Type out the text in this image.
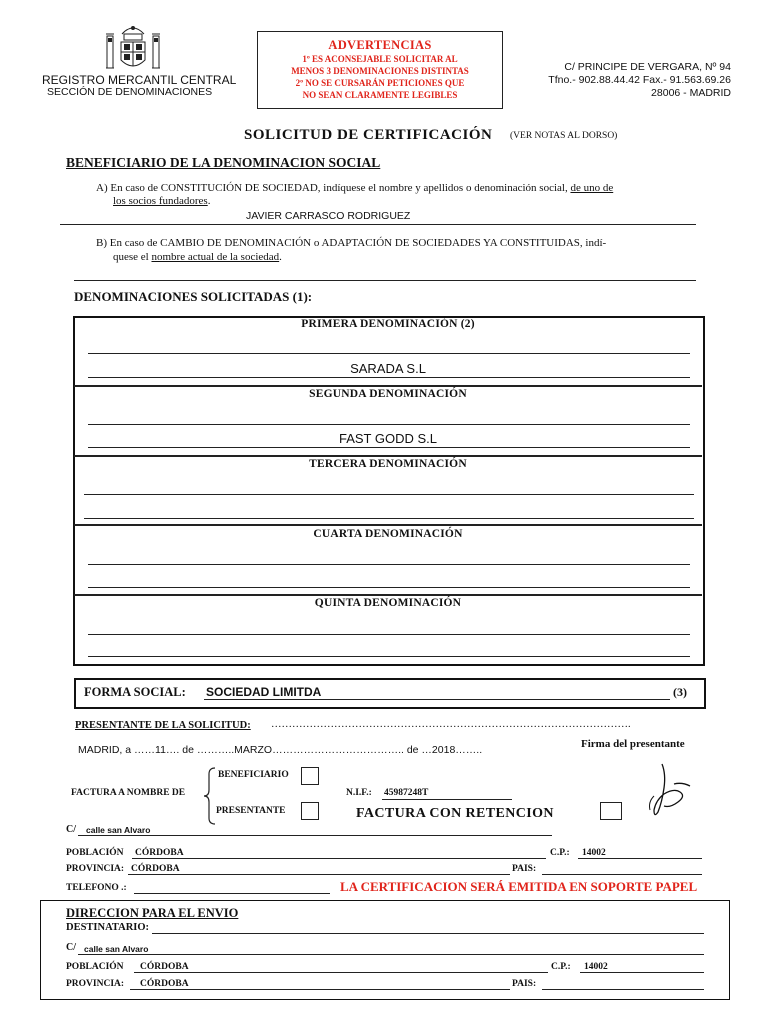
REGISTRO MERCANTIL CENTRAL
SECCIÓN DE DENOMINACIONES
ADVERTENCIAS
1º ES ACONSEJABLE SOLICITAR AL
MENOS 3 DENOMINACIONES DISTINTAS
2º NO SE CURSARÁN PETICIONES QUE
NO SEAN CLARAMENTE LEGIBLES
C/ PRINCIPE DE VERGARA, Nº 94
Tfno.- 902.88.44.42 Fax.- 91.563.69.26
28006 - MADRID
SOLICITUD DE CERTIFICACIÓN (VER NOTAS AL DORSO)
BENEFICIARIO DE LA DENOMINACION SOCIAL
A) En caso de CONSTITUCIÓN DE SOCIEDAD, indíquese el nombre y apellidos o denominación social, de uno de
los socios fundadores.
JAVIER CARRASCO RODRIGUEZ
B) En caso de CAMBIO DE DENOMINACIÓN o ADAPTACIÓN DE SOCIEDADES YA CONSTITUIDAS, indí-
quese el nombre actual de la sociedad.
DENOMINACIONES SOLICITADAS (1):
PRIMERA DENOMINACIÓN (2)
SARADA S.L
SEGUNDA DENOMINACIÓN
FAST GODD S.L
TERCERA DENOMINACIÓN
CUARTA DENOMINACIÓN
QUINTA DENOMINACIÓN
FORMA SOCIAL: SOCIEDAD LIMITDA	(3)
PRESENTANTE DE LA SOLICITUD: ………………………………………………………………………………………….
MADRID, a ……11…. de ………..MARZO……………………………….. de …2018……..	Firma del presentante
FACTURA A NOMBRE DE
BENEFICIARIO
PRESENTANTE
N.I.F.: 45987248T
FACTURA CON RETENCION
C/ calle san Alvaro
POBLACIÓN CÓRDOBA	C.P.: 14002
PROVINCIA: CÓRDOBA	PAIS:
TELEFONO .:	LA CERTIFICACION SERÁ EMITIDA EN SOPORTE PAPEL
DIRECCION PARA EL ENVIO
DESTINATARIO:
C/ calle san Alvaro
POBLACIÓN CÓRDOBA	C.P.: 14002
PROVINCIA: CÓRDOBA	PAIS:
